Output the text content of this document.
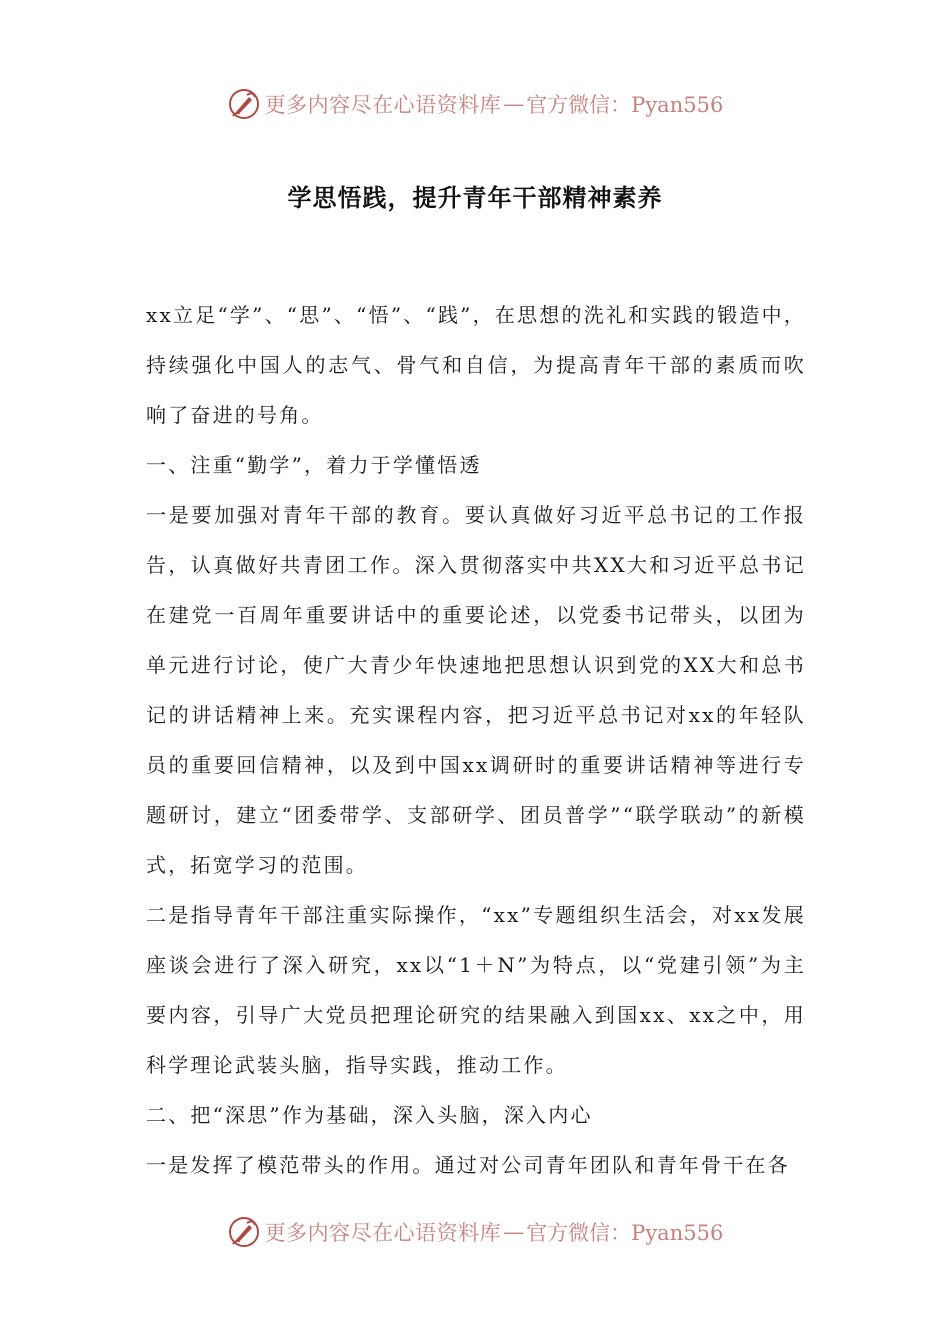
更多内容尽在心语资料库 — 官方微信：Pyan556
学思悟践，提升青年干部精神素养

xx立足“学”、“思”、“悟”、“践”，在思想的洗礼和实践的锻造中，持续强化中国人的志气、骨气和自信，为提高青年干部的素质而吹响了奋进的号角。

一、注重“勤学”，着力于学懂悟透

一是要加强对青年干部的教育。要认真做好习近平总书记的工作报告，认真做好共青团工作。深入贯彻落实中共XX大和习近平总书记在建党一百周年重要讲话中的重要论述，以党委书记带头，以团为单元进行讨论，使广大青少年快速地把思想认识到党的XX大和总书记的讲话精神上来。充实课程内容，把习近平总书记对xx的年轻队员的重要回信精神，以及到中国xx调研时的重要讲话精神等进行专题研讨，建立“团委带学、支部研学、团员普学”“联学联动”的新模式，拓宽学习的范围。

二是指导青年干部注重实际操作，“xx”专题组织生活会，对xx发展座谈会进行了深入研究，xx以“1＋N”为特点，以“党建引领”为主要内容，引导广大党员把理论研究的结果融入到国xx、xx之中，用科学理论武装头脑，指导实践，推动工作。

二、把“深思”作为基础，深入头脑，深入内心

一是发挥了模范带头的作用。通过对公司青年团队和青年骨干在各

更多内容尽在心语资料库 — 官方微信：Pyan556
